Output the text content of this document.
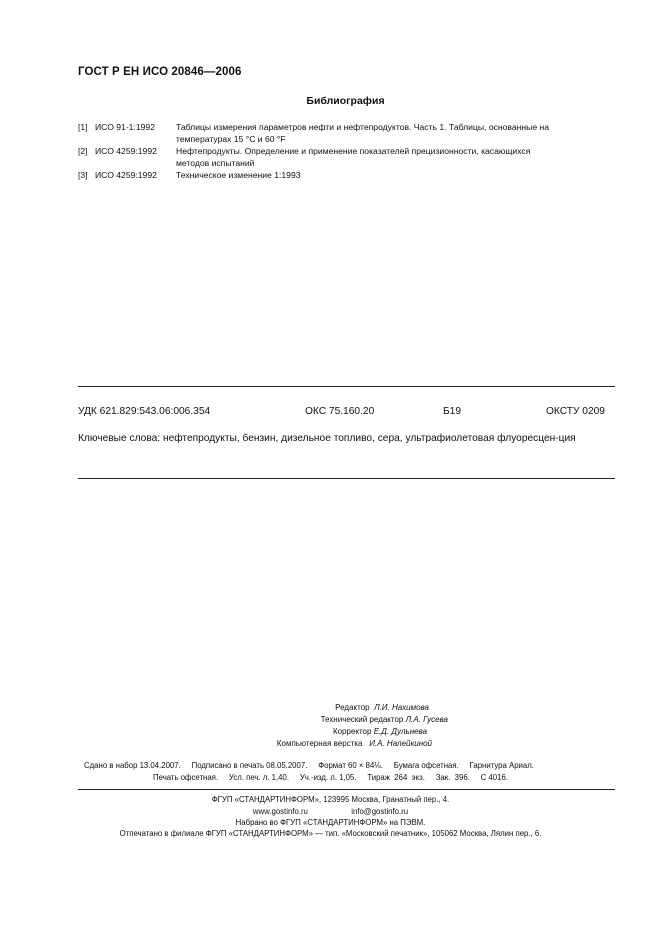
ГОСТ Р ЕН ИСО 20846—2006
Библиография
[1] ИСО 91-1:1992 Таблицы измерения параметров нефти и нефтепродуктов. Часть 1. Таблицы, основанные на
температурах 15 °С и 60 °F
[2] ИСО 4259:1992 Нефтепродукты. Определение и применение показателей прецизионности, касающихся
методов испытаний
[3] ИСО 4259:1992 Техническое изменение 1:1993
УДК 621.829:543.06:006.354	ОКС 75.160.20	Б19	ОКСТУ 0209
Ключевые слова: нефтепродукты, бензин, дизельное топливо, сера, ультрафиолетовая флуоресцен-ция
Редактор Л.И. Нахимова
Технический редактор Л.А. Гусева
Корректор Е.Д. Дульнева
Компьютерная верстка И.А. Налейкиной
Сдано в набор 13.04.2007.     Подписано в печать 08.05.2007.     Формат 60 × 84⅛.     Бумага офсетная.     Гарнитура Ариал.
Печать офсетная.     Усл. печ. л. 1,40.     Уч.-изд. л. 1,05.     Тираж  264  экз.     Зак.  396.     С 4016.
ФГУП «СТАНДАРТИНФОРМ», 123995 Москва, Гранатный пер., 4.
www.gostinfo.ru                    info@gostinfo.ru
Набрано во ФГУП «СТАНДАРТИНФОРМ» на ПЭВМ.
Отпечатано в филиале ФГУП «СТАНДАРТИНФОРМ» — тип. «Московский печатник», 105062 Москва, Лялин пер., 6.
